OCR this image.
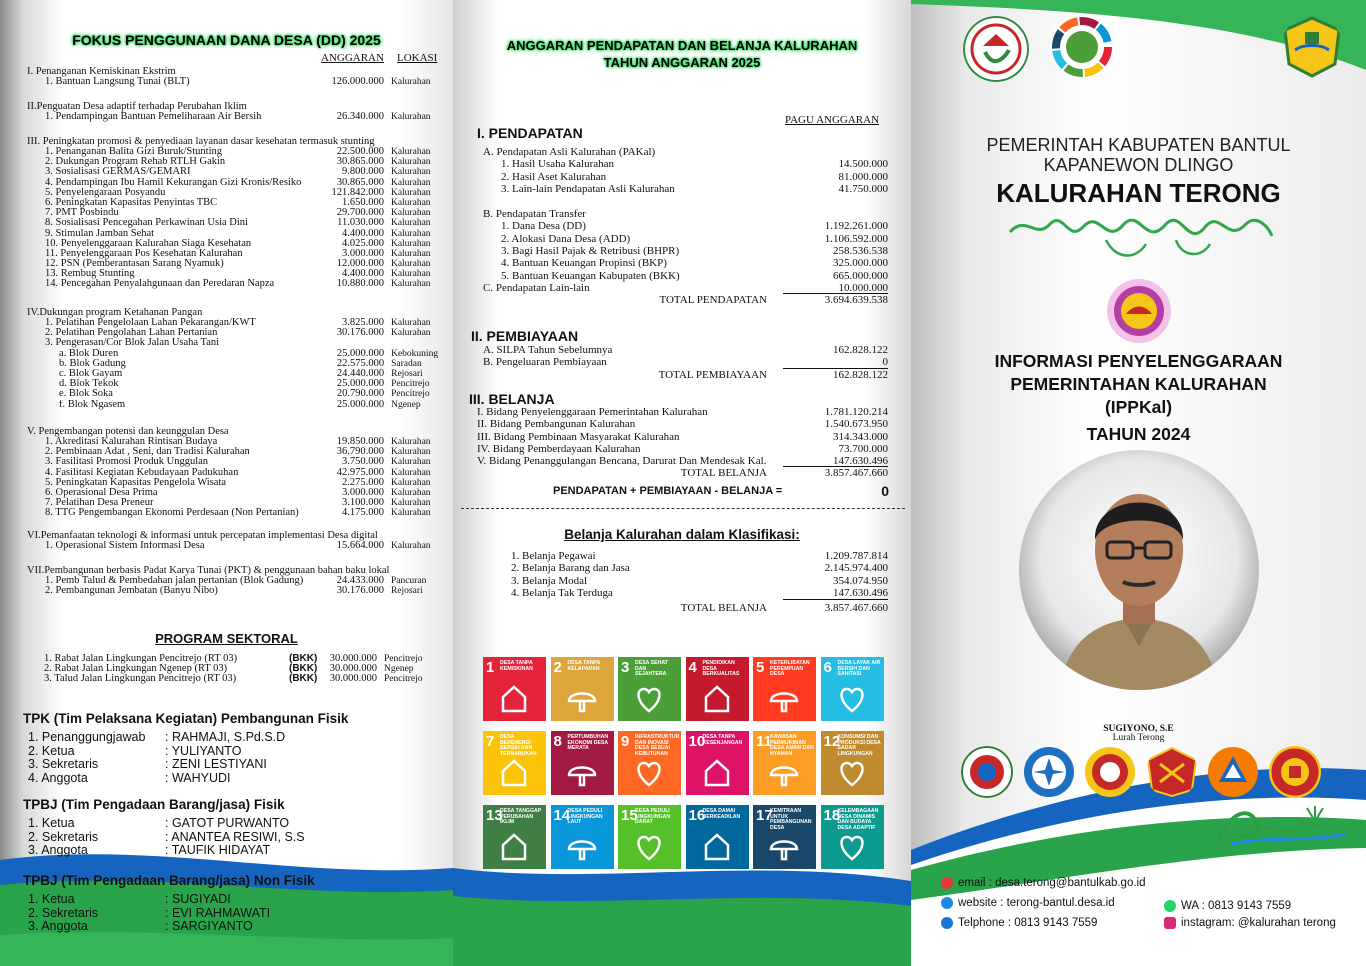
FOKUS PENGGUNAAN DANA DESA (DD) 2025
ANGGARAN LOKASI
I. Penanganan Kemiskinan Ekstrim
1. Bantuan Langsung Tunai (BLT)	126.000.000 Kalurahan
II.Penguatan Desa adaptif terhadap Perubahan Iklim
1. Pendampingan Bantuan Pemeliharaan Air Bersih	26.340.000 Kalurahan
III. Peningkatan promosi & penyediaan layanan dasar kesehatan termasuk stunting
1. Penanganan Balita Gizi Buruk/Stunting	22.500.000 Kalurahan
2. Dukungan Program Rehab RTLH Gakin	30.865.000 Kalurahan
3. Sosialisasi GERMAS/GEMARI	9.800.000 Kalurahan
4. Pendampingan Ibu Hamil Kekurangan Gizi Kronis/Resiko	30.865.000 Kalurahan
5. Penyelengaraan Posyandu	121.842.000 Kalurahan
6. Peningkatan Kapasitas Penyintas TBC	1.650.000 Kalurahan
7. PMT Posbindu	29.700.000 Kalurahan
8. Sosialisasi Pencegahan Perkawinan Usia Dini	11.030.000 Kalurahan
9. Stimulan Jamban Sehat	4.400.000 Kalurahan
10. Penyelenggaraan Kalurahan Siaga Kesehatan	4.025.000 Kalurahan
11. Penyelenggaraan Pos Kesehatan Kalurahan	3.000.000 Kalurahan
12. PSN (Pemberantasan Sarang Nyamuk)	12.000.000 Kalurahan
13. Rembug Stunting	4.400.000 Kalurahan
14. Pencegahan Penyalahgunaan dan Peredaran Napza	10.880.000 Kalurahan
IV.Dukungan program Ketahanan Pangan
1. Pelatihan Pengelolaan Lahan Pekarangan/KWT	3.825.000 Kalurahan
2. Pelatihan Pengolahan Lahan Pertanian	30.176.000 Kalurahan
3. Pengerasan/Cor Blok Jalan Usaha Tani
a. Blok Duren	25.000.000 Kebokuning
b. Blok Gadung	22.575.000 Saradan
c. Blok Gayam	24.440.000 Rejosari
d. Blok Tekok	25.000.000 Pencitrejo
e. Blok Soka	20.790.000 Pencitrejo
f. Blok Ngasem	25.000.000 Ngenep
V. Pengembangan potensi dan keunggulan Desa
1. Akreditasi Kalurahan Rintisan Budaya	19.850.000 Kalurahan
2. Pembinaan Adat , Seni, dan Tradisi Kalurahan	36.790.000 Kalurahan
3. Fasilitasi Promosi Produk Unggulan	3.750.000 Kalurahan
4. Fasilitasi Kegiatan Kebudayaan Padukuhan	42.975.000 Kalurahan
5. Peningkatan Kapasitas Pengelola Wisata	2.275.000 Kalurahan
6. Operasional Desa Prima	3.000.000 Kalurahan
7. Pelatihan Desa Preneur	3.100.000 Kalurahan
8. TTG Pengembangan Ekonomi Perdesaan (Non Pertanian)	4.175.000 Kalurahan
VI.Pemanfaatan teknologi & informasi untuk percepatan implementasi Desa digital
1. Operasional Sistem Informasi Desa	15.664.000 Kalurahan
VII.Pembangunan berbasis Padat Karya Tunai (PKT) & penggunaan bahan baku lokal
1. Pemb Talud & Pembedahan jalan pertanian (Blok Gadung)	24.433.000 Pancuran
2. Pembangunan Jembatan (Banyu Nibo)	30.176.000 Rejosari
PROGRAM SEKTORAL
1. Rabat Jalan Lingkungan Pencitrejo (RT 03)	(BKK)	30.000.000 Pencitrejo
2. Rabat Jalan Lingkungan Ngenep (RT 03)	(BKK)	30.000.000 Ngenep
3. Talud Jalan Lingkungan Pencitrejo (RT 03)	(BKK)	30.000.000 Pencitrejo
TPK (Tim Pelaksana Kegiatan) Pembangunan Fisik
1. Penanggungjawab	: RAHMAJI, S.Pd.S.D
2. Ketua	: YULIYANTO
3. Sekretaris	: ZENI LESTIYANI
4. Anggota	: WAHYUDI
TPBJ (Tim Pengadaan Barang/jasa) Fisik
1. Ketua	: GATOT PURWANTO
2. Sekretaris	: ANANTEA RESIWI, S.S
3. Anggota	: TAUFIK HIDAYAT
TPBJ (Tim Pengadaan Barang/jasa) Non Fisik
1. Ketua	: SUGIYADI
2. Sekretaris	: EVI RAHMAWATI
3. Anggota	: SARGIYANTO
ANGGARAN PENDAPATAN DAN BELANJA KALURAHAN
TAHUN ANGGARAN 2025
PAGU ANGGARAN
I. PENDAPATAN
A. Pendapatan Asli Kalurahan (PAKal)
1. Hasil Usaha Kalurahan	14.500.000
2. Hasil Aset Kalurahan	81.000.000
3. Lain-lain Pendapatan Asli Kalurahan	41.750.000
B. Pendapatan Transfer
1. Dana Desa (DD)	1.192.261.000
2. Alokasi Dana Desa (ADD)	1.106.592.000
3. Bagi Hasil Pajak & Retribusi (BHPR)	258.536.538
4. Bantuan Keuangan Propinsi (BKP)	325.000.000
5. Bantuan Keuangan Kabupaten (BKK)	665.000.000
C. Pendapatan Lain-lain	10.000.000
TOTAL PENDAPATAN	3.694.639.538
II. PEMBIAYAAN
A. SILPA Tahun Sebelumnya	162.828.122
B. Pengeluaran Pembiayaan	0
TOTAL PEMBIAYAAN	162.828.122
III. BELANJA
I. Bidang Penyelenggaraan Pemerintahan Kalurahan	1.781.120.214
II. Bidang Pembangunan Kalurahan	1.540.673.950
III. Bidang Pembinaan Masyarakat Kalurahan	314.343.000
IV. Bidang Pemberdayaan Kalurahan	73.700.000
V. Bidang Penanggulangan Bencana, Darurat Dan Mendesak Kal.	147.630.496
TOTAL BELANJA	3.857.467.660
PENDAPATAN + PEMBIAYAAN - BELANJA =	0
Belanja Kalurahan dalam Klasifikasi:
1. Belanja Pegawai	1.209.787.814
2. Belanja Barang dan Jasa	2.145.974.400
3. Belanja Modal	354.074.950
4. Belanja Tak Terduga	147.630.496
TOTAL BELANJA	3.857.467.660
1 DESA TANPA KEMISKINAN	2 DESA TANPA KELAPARAN	3 DESA SEHAT DAN SEJAHTERA	4 PENDIDIKAN DESA BERKUALITAS	5 KETERLIBATAN PEREMPUAN DESA	6 DESA LAYAK AIR BERSIH DAN SANITASI
7 DESA BERENERGI BERSIH DAN TERBARUKAN
8 PERTUMBUHAN EKONOMI DESA MERATA	9 INFRASTRUKTUR DAN INOVASI DESA SESUAI KEBUTUHAN
10
DESA TANPA KESENJANGAN 11
KAWASAN PERMUKIMAN DESA AMAN DAN NYAMAN
12
KONSUMSI DAN PRODUKSI DESA SADAR LINGKUNGAN
13
DESA TANGGAP PERUBAHAN IKLIM	14
DESA PEDULI LINGKUNGAN LAUT	15
DESA PEDULI LINGKUNGAN DARAT	16
DESA DAMAI BERKEADILAN	17
KEMITRAAN UNTUK PEMBANGUNAN DESA
18
KELEMBAGAAN DESA DINAMIS DAN BUDAYA DESA ADAPTIF
PEMERINTAH KABUPATEN BANTUL
KAPANEWON DLINGO
KALURAHAN TERONG
INFORMASI PENYELENGGARAAN
PEMERINTAHAN KALURAHAN
(IPPKal)
TAHUN 2024
SUGIYONO, S.E
Lurah Terong
email : desa.terong@bantulkab.go.id
website : terong-bantul.desa.id
Telphone : 0813 9143 7559
WA : 0813 9143 7559
instagram: @kalurahan terong
